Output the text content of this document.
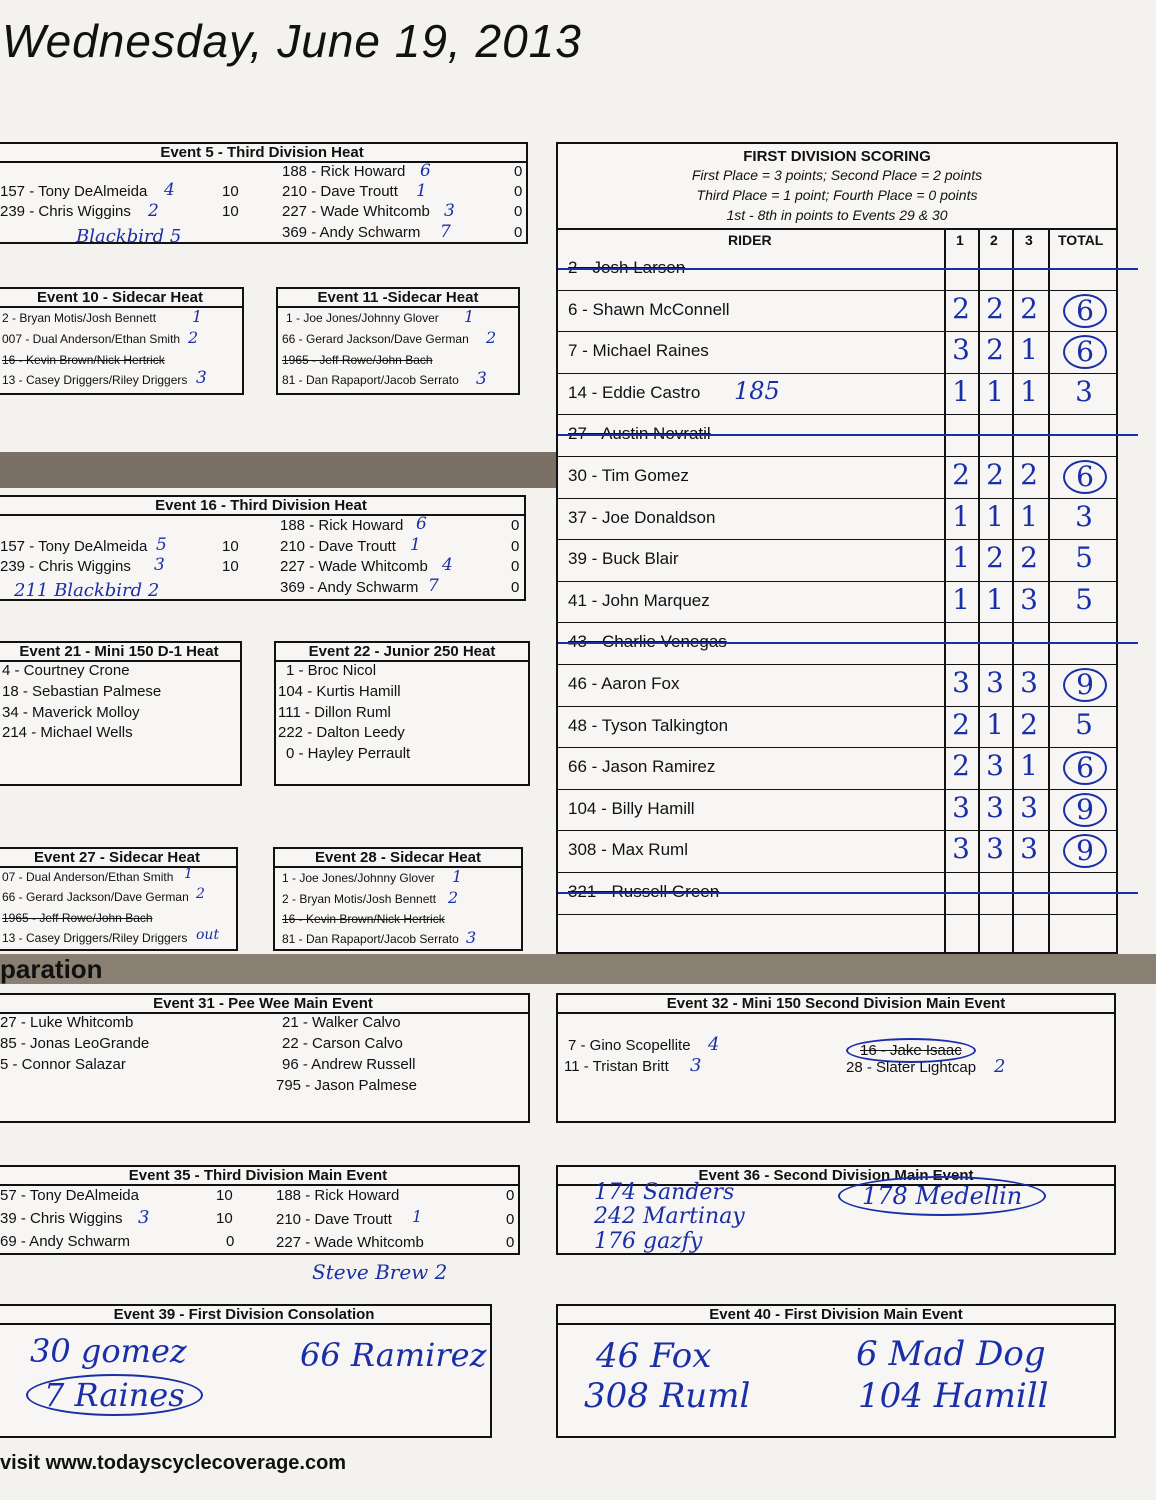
Wednesday, June 19, 2013
Event 5 - Third Division Heat
157 - Tony DeAlmeida 4	10
239 - Chris Wiggins 2	10
Blackbird 5
188 - Rick Howard 6	0
210 - Dave Troutt 1	0
227 - Wade Whitcomb 3	0
369 - Andy Schwarm 7	0
Event 10 - Sidecar Heat
2 - Bryan Motis/Josh Bennett 1
007 - Dual Anderson/Ethan Smith 2
16 - Kevin Brown/Nick Hertrick
13 - Casey Driggers/Riley Driggers 3
Event 11 -Sidecar Heat
1 - Joe Jones/Johnny Glover 1
66 - Gerard Jackson/Dave German 2
1965 - Jeff Rowe/John Bach
81 - Dan Rapaport/Jacob Serrato 3
Event 16 - Third Division Heat
157 - Tony DeAlmeida 5	10
239 - Chris Wiggins 3	10
211 Blackbird 2
188 - Rick Howard 6	0
210 - Dave Troutt 1	0
227 - Wade Whitcomb 4	0
369 - Andy Schwarm 7	0
Event 21 - Mini 150 D-1 Heat
4 - Courtney Crone
18 - Sebastian Palmese
34 - Maverick Molloy
214 - Michael Wells
Event 22 - Junior 250 Heat
1 - Broc Nicol
104 - Kurtis Hamill
111 - Dillon Ruml
222 - Dalton Leedy
0 - Hayley Perrault
Event 27 - Sidecar Heat
07 - Dual Anderson/Ethan Smith 1
66 - Gerard Jackson/Dave German 2
1965 - Jeff Rowe/John Bach
13 - Casey Driggers/Riley Driggers out
Event 28 - Sidecar Heat
1 - Joe Jones/Johnny Glover 1
2 - Bryan Motis/Josh Bennett 2
16 - Kevin Brown/Nick Hertrick
81 - Dan Rapaport/Jacob Serrato 3
FIRST DIVISION SCORING
First Place = 3 points; Second Place = 2 points
Third Place = 1 point; Fourth Place = 0 points
1st - 8th in points to Events 29 & 30
RIDER	1 2 3 TOTAL
6 - Shawn McConnell	2 2 2	6
7 - Michael Raines	3 2 1	6
14 - Eddie Castro 185	1 1 1	3
30 - Tim Gomez	2 2 2	6
37 - Joe Donaldson	1 1 1	3
39 - Buck Blair	1 2 2	5
41 - John Marquez	1 1 3	5
46 - Aaron Fox	3 3 3	9
48 - Tyson Talkington	2 1 2	5
66 - Jason Ramirez	2 3 1	6
104 - Billy Hamill	3 3 3	9
308 - Max Ruml	3 3 3	9
paration
Event 31 - Pee Wee Main Event
27 - Luke Whitcomb
85 - Jonas LeoGrande
5 - Connor Salazar
21 - Walker Calvo
22 - Carson Calvo
96 - Andrew Russell
795 - Jason Palmese
Event 32 - Mini 150 Second Division Main Event
7 - Gino Scopellite 4
11 - Tristan Britt 3
16 - Jake Isaac
28 - Slater Lightcap 2
Event 35 - Third Division Main Event
57 - Tony DeAlmeida	10
39 - Chris Wiggins 3	10
69 - Andy Schwarm	0
188 - Rick Howard	0
210 - Dave Troutt 1	0
227 - Wade Whitcomb	0
Steve Brew 2
Event 36 - Second Division Main Event
174 Sanders
242 Martinay
176 gazfy
178 Medellin
Event 39 - First Division Consolation
30 gomez
7 Raines
66 Ramirez
Event 40 - First Division Main Event
46 Fox
308 Ruml
6 Mad Dog
104 Hamill
visit www.todayscyclecoverage.com
